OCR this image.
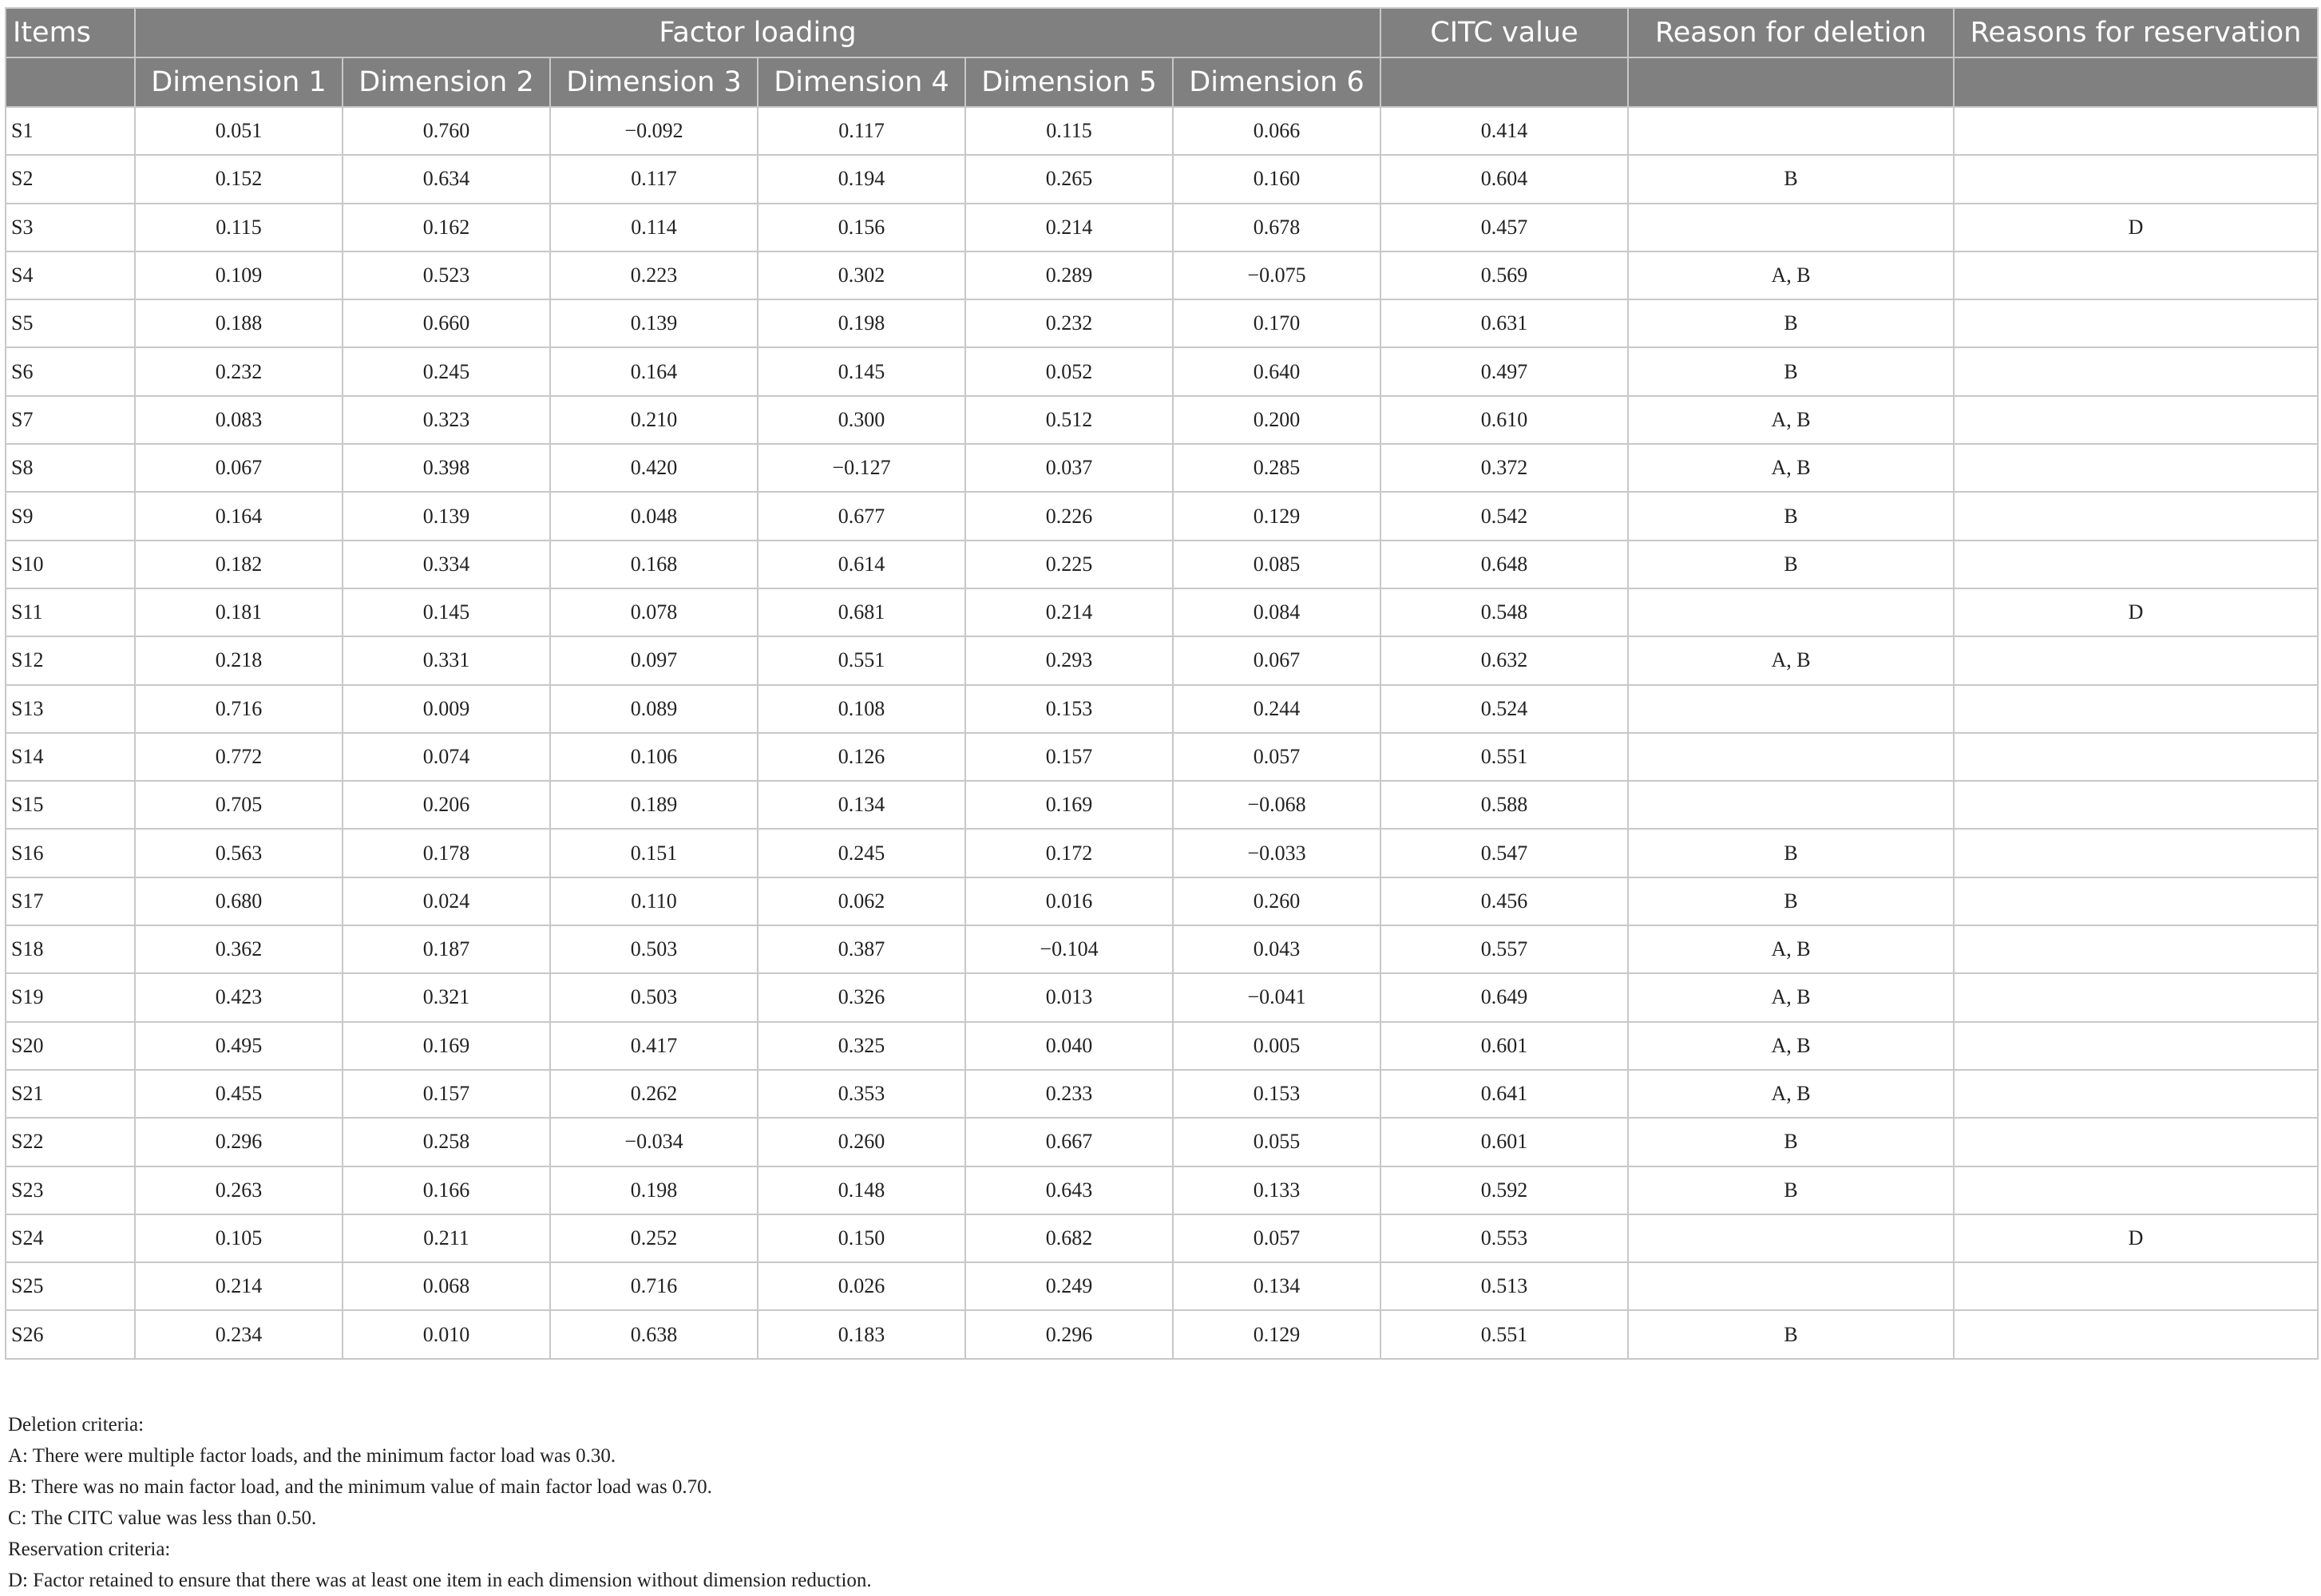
Items	Factor loading						CITC value	Reason for deletion	Reasons for reservation
	Dimension 1	Dimension 2	Dimension 3	Dimension 4	Dimension 5	Dimension 6			
S1	0.051	0.760	−0.092	0.117	0.115	0.066	0.414		
S2	0.152	0.634	0.117	0.194	0.265	0.160	0.604	B	
S3	0.115	0.162	0.114	0.156	0.214	0.678	0.457		D
S4	0.109	0.523	0.223	0.302	0.289	−0.075	0.569	A, B	
S5	0.188	0.660	0.139	0.198	0.232	0.170	0.631	B	
S6	0.232	0.245	0.164	0.145	0.052	0.640	0.497	B	
S7	0.083	0.323	0.210	0.300	0.512	0.200	0.610	A, B	
S8	0.067	0.398	0.420	−0.127	0.037	0.285	0.372	A, B	
S9	0.164	0.139	0.048	0.677	0.226	0.129	0.542	B	
S10	0.182	0.334	0.168	0.614	0.225	0.085	0.648	B	
S11	0.181	0.145	0.078	0.681	0.214	0.084	0.548		D
S12	0.218	0.331	0.097	0.551	0.293	0.067	0.632	A, B	
S13	0.716	0.009	0.089	0.108	0.153	0.244	0.524		
S14	0.772	0.074	0.106	0.126	0.157	0.057	0.551		
S15	0.705	0.206	0.189	0.134	0.169	−0.068	0.588		
S16	0.563	0.178	0.151	0.245	0.172	−0.033	0.547	B	
S17	0.680	0.024	0.110	0.062	0.016	0.260	0.456	B	
S18	0.362	0.187	0.503	0.387	−0.104	0.043	0.557	A, B	
S19	0.423	0.321	0.503	0.326	0.013	−0.041	0.649	A, B	
S20	0.495	0.169	0.417	0.325	0.040	0.005	0.601	A, B	
S21	0.455	0.157	0.262	0.353	0.233	0.153	0.641	A, B	
S22	0.296	0.258	−0.034	0.260	0.667	0.055	0.601	B	
S23	0.263	0.166	0.198	0.148	0.643	0.133	0.592	B	
S24	0.105	0.211	0.252	0.150	0.682	0.057	0.553		D
S25	0.214	0.068	0.716	0.026	0.249	0.134	0.513		
S26	0.234	0.010	0.638	0.183	0.296	0.129	0.551	B	
Deletion criteria:
A: There were multiple factor loads, and the minimum factor load was 0.30.
B: There was no main factor load, and the minimum value of main factor load was 0.70.
C: The CITC value was less than 0.50.
Reservation criteria:
D: Factor retained to ensure that there was at least one item in each dimension without dimension reduction.
